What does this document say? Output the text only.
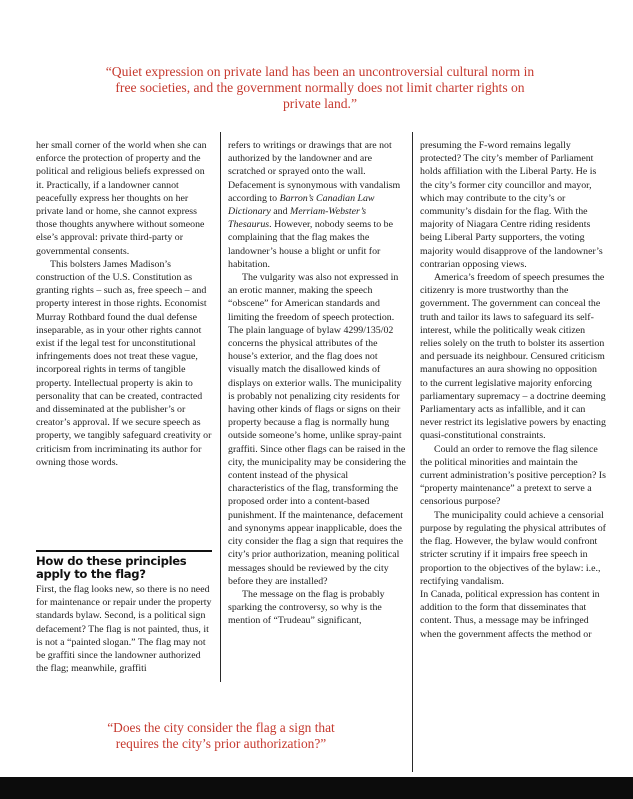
“Quiet expression on private land has been an uncontroversial cultural norm in free societies, and the government normally does not limit charter rights on private land.”

her small corner of the world when she can enforce the protection of property and the political and religious beliefs expressed on it. Practically, if a landowner cannot peacefully express her thoughts on her private land or home, she cannot express those thoughts anywhere without someone else’s approval: private third-party or governmental consents.

This bolsters James Madison’s construction of the U.S. Constitution as granting rights – such as, free speech – and property interest in those rights. Economist Murray Rothbard found the dual defense inseparable, as in your other rights cannot exist if the legal test for unconstitutional infringements does not treat these vague, incorporeal rights in terms of tangible property. Intellectual property is akin to personality that can be created, contracted and disseminated at the publisher’s or creator’s approval. If we secure speech as property, we tangibly safeguard creativity or criticism from incriminating its author for owning those words.

How do these principles apply to the flag?

First, the flag looks new, so there is no need for maintenance or repair under the property standards bylaw. Second, is a political sign defacement? The flag is not painted, thus, it is not a “painted slogan.” The flag may not be graffiti since the landowner authorized the flag; meanwhile, graffiti

refers to writings or drawings that are not authorized by the landowner and are scratched or sprayed onto the wall. Defacement is synonymous with vandalism according to Barron’s Canadian Law Dictionary and Merriam-Webster’s Thesaurus. However, nobody seems to be complaining that the flag makes the landowner’s house a blight or unfit for habitation.

The vulgarity was also not expressed in an erotic manner, making the speech “obscene” for American standards and limiting the freedom of speech protection. The plain language of bylaw 4299/135/02 concerns the physical attributes of the house’s exterior, and the flag does not visually match the disallowed kinds of displays on exterior walls. The municipality is probably not penalizing city residents for having other kinds of flags or signs on their property because a flag is normally hung outside someone’s home, unlike spray-paint graffiti. Since other flags can be raised in the city, the municipality may be considering the content instead of the physical characteristics of the flag, transforming the proposed order into a content-based punishment. If the maintenance, defacement and synonyms appear inapplicable, does the city consider the flag a sign that requires the city’s prior authorization, meaning political messages should be reviewed by the city before they are installed?

The message on the flag is probably sparking the controversy, so why is the mention of “Trudeau” significant,

presuming the F-word remains legally protected? The city’s member of Parliament holds affiliation with the Liberal Party. He is the city’s former city councillor and mayor, which may contribute to the city’s or community’s disdain for the flag. With the majority of Niagara Centre riding residents being Liberal Party supporters, the voting majority would disapprove of the landowner’s contrarian opposing views.

America’s freedom of speech presumes the citizenry is more trustworthy than the government. The government can conceal the truth and tailor its laws to safeguard its self-interest, while the politically weak citizen relies solely on the truth to bolster its assertion and persuade its neighbour. Censured criticism manufactures an aura showing no opposition to the current legislative majority enforcing parliamentary supremacy – a doctrine deeming Parliamentary acts as infallible, and it can never restrict its legislative powers by enacting quasi-constitutional constraints.

Could an order to remove the flag silence the political minorities and maintain the current administration’s positive perception? Is “property maintenance” a pretext to serve a censorious purpose?

The municipality could achieve a censorial purpose by regulating the physical attributes of the flag. However, the bylaw would confront stricter scrutiny if it impairs free speech in proportion to the objectives of the bylaw: i.e., rectifying vandalism.

In Canada, political expression has content in addition to the form that disseminates that content. Thus, a message may be infringed when the government affects the method or

“Does the city consider the flag a sign that requires the city’s prior authorization?”
